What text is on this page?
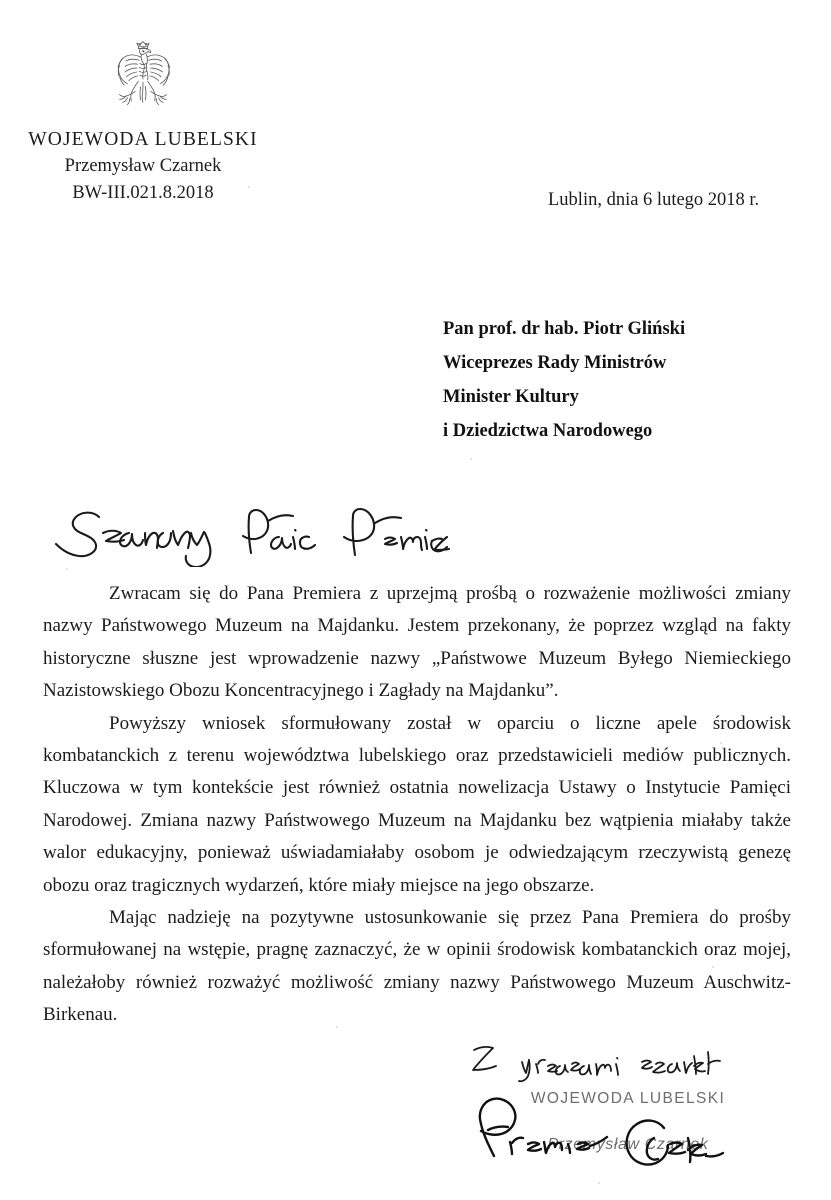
WOJEWODA LUBELSKI
Przemysław Czarnek
BW-III.021.8.2018	Lublin, dnia 6 lutego 2018 r.
Pan prof. dr hab. Piotr Gliński
Wiceprezes Rady Ministrów
Minister Kultury
i Dziedzictwa Narodowego

Zwracam się do Pana Premiera z uprzejmą prośbą o rozważenie możliwości zmiany nazwy Państwowego Muzeum na Majdanku. Jestem przekonany, że poprzez wzgląd na fakty historyczne słuszne jest wprowadzenie nazwy „Państwowe Muzeum Byłego Niemieckiego Nazistowskiego Obozu Koncentracyjnego i Zagłady na Majdanku”.

Powyższy wniosek sformułowany został w oparciu o liczne apele środowisk kombatanckich z terenu województwa lubelskiego oraz przedstawicieli mediów publicznych. Kluczowa w tym kontekście jest również ostatnia nowelizacja Ustawy o Instytucie Pamięci Narodowej. Zmiana nazwy Państwowego Muzeum na Majdanku bez wątpienia miałaby także walor edukacyjny, ponieważ uświadamiałaby osobom je odwiedzającym rzeczywistą genezę obozu oraz tragicznych wydarzeń, które miały miejsce na jego obszarze.

Mając nadzieję na pozytywne ustosunkowanie się przez Pana Premiera do prośby sformułowanej na wstępie, pragnę zaznaczyć, że w opinii środowisk kombatanckich oraz mojej, należałoby również rozważyć możliwość zmiany nazwy Państwowego Muzeum Auschwitz-Birkenau.

WOJEWODA LUBELSKI
Przemysław Czarnek
